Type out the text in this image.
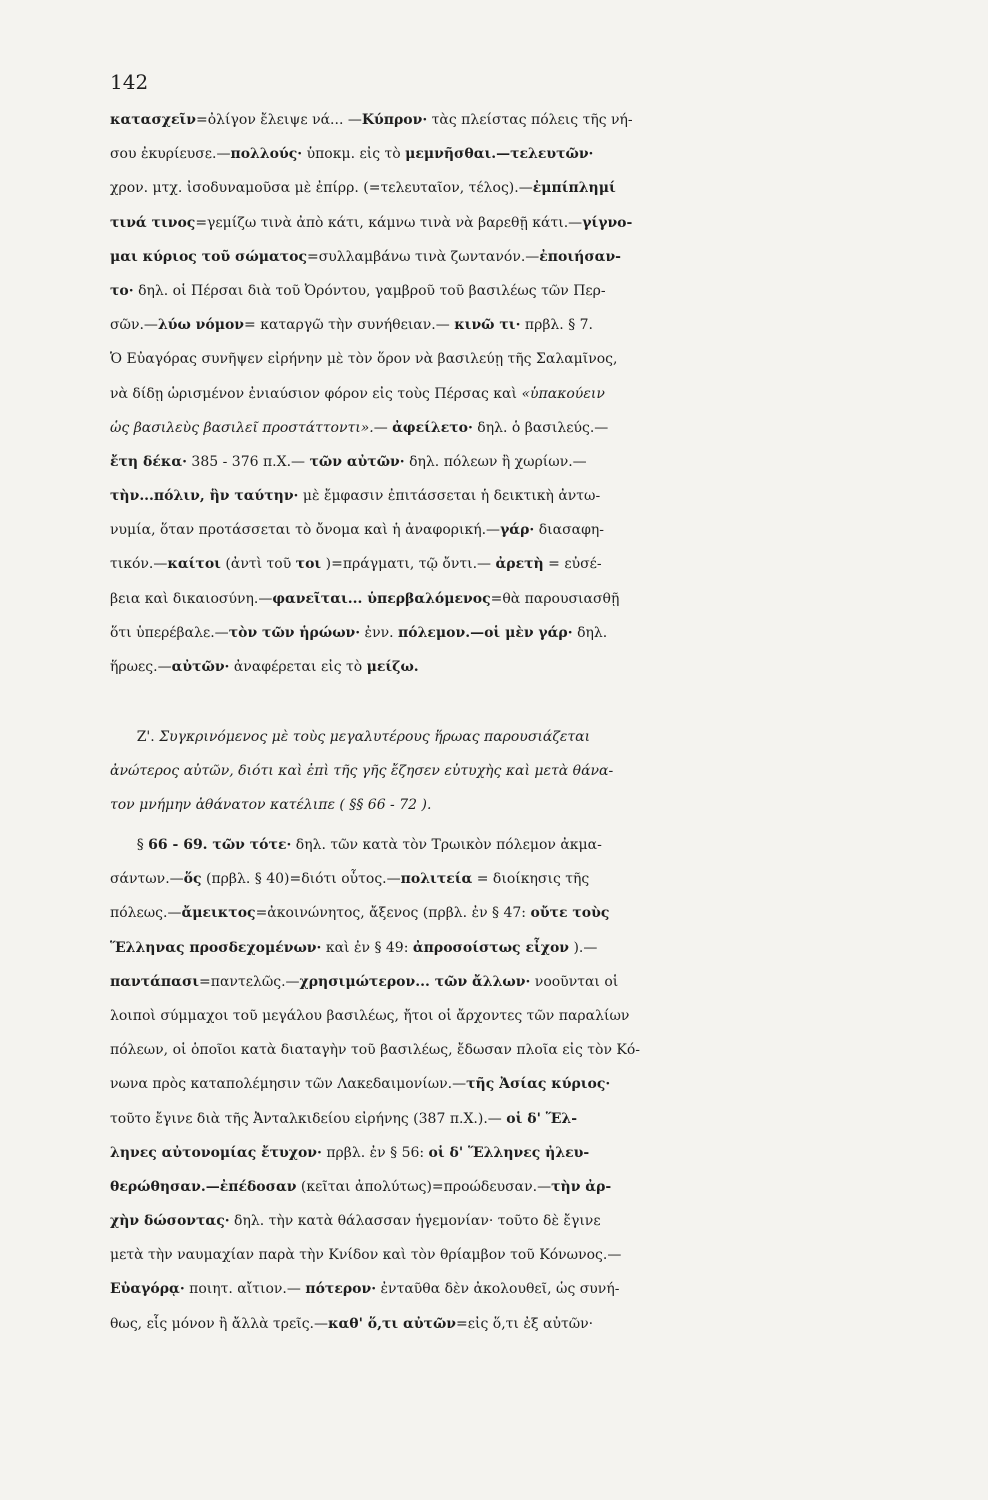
142
κατασχεῖν=ὀλίγον ἔλειψε νά... —Κύπρον· τὰς πλείστας πόλεις τῆς νή-
σου ἐκυρίευσε.—πολλούς· ὑποκμ. εἰς τὸ μεμνῆσθαι.—τελευτῶν·
χρον. μτχ. ἰσοδυναμοῦσα μὲ ἐπίρρ. (=τελευταῖον, τέλος).—ἐμπίπλημί
τινά τινος=γεμίζω τινὰ ἀπὸ κάτι, κάμνω τινὰ νὰ βαρεθῇ κάτι.—γίγνο-
μαι κύριος τοῦ σώματος=συλλαμβάνω τινὰ ζωντανόν.—ἐποιήσαν-
το· δηλ. οἱ Πέρσαι διὰ τοῦ Ὀρόντου, γαμβροῦ τοῦ βασιλέως τῶν Περ-
σῶν.—λύω νόμον= καταργῶ τὴν συνήθειαν.— κινῶ τι· πρβλ. § 7.
Ὁ Εὐαγόρας συνῆψεν εἰρήνην μὲ τὸν ὅρον νὰ βασιλεύῃ τῆς Σαλαμῖνος,
νὰ δίδῃ ὡρισμένον ἐνιαύσιον φόρον εἰς τοὺς Πέρσας καὶ «ὑπακούειν
ὡς βασιλεὺς βασιλεῖ προστάττοντι».— ἀφείλετο· δηλ. ὁ βασιλεύς.—
ἔτη δέκα· 385 - 376 π.Χ.— τῶν αὐτῶν· δηλ. πόλεων ἢ χωρίων.—
τὴν...πόλιν, ἣν ταύτην· μὲ ἔμφασιν ἐπιτάσσεται ἡ δεικτικὴ ἀντω-
νυμία, ὅταν προτάσσεται τὸ ὄνομα καὶ ἡ ἀναφορική.—γάρ· διασαφη-
τικόν.—καίτοι (ἀντὶ τοῦ τοι )=πράγματι, τῷ ὄντι.— ἀρετὴ = εὐσέ-
βεια καὶ δικαιοσύνη.—φανεῖται... ὑπερβαλόμενος=θὰ παρουσιασθῇ
ὅτι ὑπερέβαλε.—τὸν τῶν ἡρώων· ἐνν. πόλεμον.—οἱ μὲν γάρ· δηλ.
ἥρωες.—αὐτῶν· ἀναφέρεται εἰς τὸ μείζω.
Ζ'. Συγκρινόμενος μὲ τοὺς μεγαλυτέρους ἥρωας παρουσιάζεται
ἀνώτερος αὐτῶν, διότι καὶ ἐπὶ τῆς γῆς ἔζησεν εὐτυχὴς καὶ μετὰ θάνα-
τον μνήμην ἀθάνατον κατέλιπε ( §§ 66 - 72 ).
§ 66 - 69. τῶν τότε· δηλ. τῶν κατὰ τὸν Τρωικὸν πόλεμον ἀκμα-
σάντων.—ὅς (πρβλ. § 40)=διότι οὗτος.—πολιτεία = διοίκησις τῆς
πόλεως.—ἄμεικτος=ἀκοινώνητος, ἄξενος (πρβλ. ἐν § 47: οὔτε τοὺς
Ἕλληνας προσδεχομένων· καὶ ἐν § 49: ἀπροσοίστως εἶχον ).—
παντάπασι=παντελῶς.—χρησιμώτερον... τῶν ἄλλων· νοοῦνται οἱ
λοιποὶ σύμμαχοι τοῦ μεγάλου βασιλέως, ἤτοι οἱ ἄρχοντες τῶν παραλίων
πόλεων, οἱ ὁποῖοι κατὰ διαταγὴν τοῦ βασιλέως, ἔδωσαν πλοῖα εἰς τὸν Κό-
νωνα πρὸς καταπολέμησιν τῶν Λακεδαιμονίων.—τῆς Ἀσίας κύριος·
τοῦτο ἔγινε διὰ τῆς Ἀνταλκιδείου εἰρήνης (387 π.Χ.).— οἱ δ' Ἕλ-
ληνες αὐτονομίας ἔτυχον· πρβλ. ἐν § 56: οἱ δ' Ἕλληνες ἠλευ-
θερώθησαν.—ἐπέδοσαν (κεῖται ἀπολύτως)=προώδευσαν.—τὴν ἀρ-
χὴν δώσοντας· δηλ. τὴν κατὰ θάλασσαν ἡγεμονίαν· τοῦτο δὲ ἔγινε
μετὰ τὴν ναυμαχίαν παρὰ τὴν Κνίδον καὶ τὸν θρίαμβον τοῦ Κόνωνος.—
Εὐαγόρᾳ· ποιητ. αἴτιον.— πότερον· ἐνταῦθα δὲν ἀκολουθεῖ, ὡς συνή-
θως, εἷς μόνον ἢ ἄλλὰ τρεῖς.—καθ' ὅ,τι αὐτῶν=εἰς ὅ,τι ἐξ αὐτῶν·
